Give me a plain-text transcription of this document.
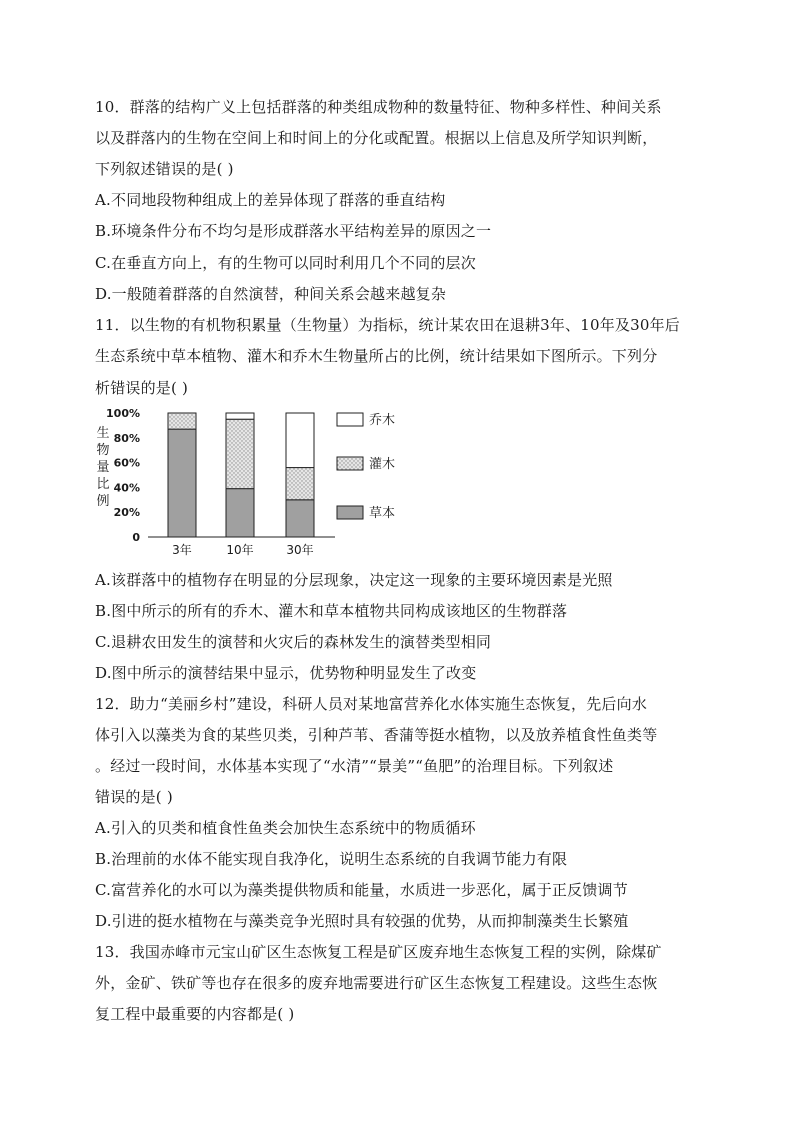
10．群落的结构广义上包括群落的种类组成物种的数量特征、物种多样性、种间关系
以及群落内的生物在空间上和时间上的分化或配置。根据以上信息及所学知识判断，
下列叙述错误的是( )
A.不同地段物种组成上的差异体现了群落的垂直结构
B.环境条件分布不均匀是形成群落水平结构差异的原因之一
C.在垂直方向上，有的生物可以同时利用几个不同的层次
D.一般随着群落的自然演替，种间关系会越来越复杂
11．以生物的有机物积累量（生物量）为指标，统计某农田在退耕3年、10年及30年后
生态系统中草本植物、灌木和乔木生物量所占的比例，统计结果如下图所示。下列分
析错误的是( )
生
物
量
比
例
0
20%
40%
60%
80%
100%
3年	10年	30年
乔木
灌木
草本
A.该群落中的植物存在明显的分层现象，决定这一现象的主要环境因素是光照
B.图中所示的所有的乔木、灌木和草本植物共同构成该地区的生物群落
C.退耕农田发生的演替和火灾后的森林发生的演替类型相同
D.图中所示的演替结果中显示，优势物种明显发生了改变
12．助力“美丽乡村”建设，科研人员对某地富营养化水体实施生态恢复，先后向水
体引入以藻类为食的某些贝类，引种芦苇、香蒲等挺水植物，以及放养植食性鱼类等
。经过一段时间，水体基本实现了“水清”“景美”“鱼肥”的治理目标。下列叙述
错误的是( )
A.引入的贝类和植食性鱼类会加快生态系统中的物质循环
B.治理前的水体不能实现自我净化，说明生态系统的自我调节能力有限
C.富营养化的水可以为藻类提供物质和能量，水质进一步恶化，属于正反馈调节
D.引进的挺水植物在与藻类竞争光照时具有较强的优势，从而抑制藻类生长繁殖
13．我国赤峰市元宝山矿区生态恢复工程是矿区废弃地生态恢复工程的实例，除煤矿
外，金矿、铁矿等也存在很多的废弃地需要进行矿区生态恢复工程建设。这些生态恢
复工程中最重要的内容都是( )
